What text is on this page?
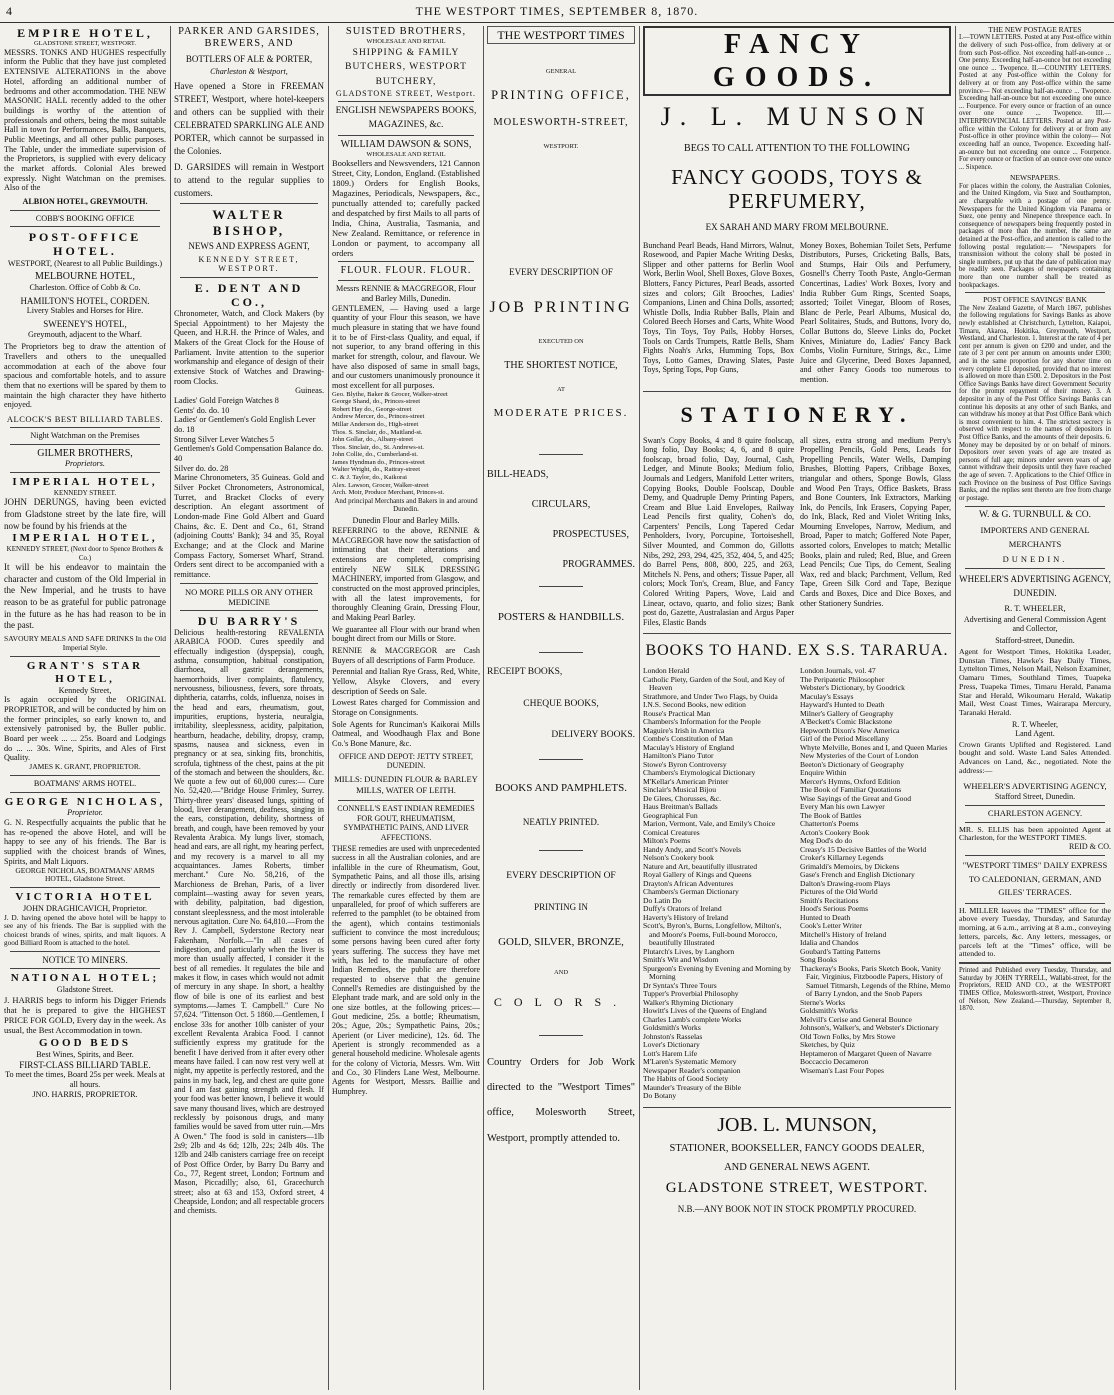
4	THE WESTPORT TIMES, SEPTEMBER 8, 1870.

EMPIRE HOTEL,

GLADSTONE STREET, WESTPORT.

MESSRS. TONKS AND HUGHES respectfully inform the Public that they have just completed EXTENSIVE ALTERATIONS in the above Hotel, affording an additional number of bedrooms and other accommodation. THE NEW MASONIC HALL recently added to the other buildings is worthy of the attention of professionals and others, being the most suitable Hall in town for Performances, Balls, Banquets, Public Meetings, and all other public purposes. The Table, under the immediate supervision of the Proprietors, is supplied with every delicacy the market affords. Colonial Ales brewed expressly. Night Watchman on the premises. Also of the

ALBION HOTEL, GREYMOUTH.

COBB'S BOOKING OFFICE

POST-OFFICE HOTEL.

WESTPORT, (Nearest to all Public Buildings.)

MELBOURNE HOTEL,

Charleston. Office of Cobb & Co.

HAMILTON'S HOTEL, CORDEN.

Livery Stables and Horses for Hire.

SWEENEY'S HOTEL,

Greymouth, adjacent to the Wharf.

The Proprietors beg to draw the attention of Travellers and others to the unequalled accommodation at each of the above four spacious and comfortable hotels, and to assure them that no exertions will be spared by them to maintain the high character they have hitherto enjoyed.

ALCOCK'S BEST BILLIARD TABLES.

Night Watchman on the Premises

GILMER BROTHERS,

Proprietors.

IMPERIAL HOTEL,

KENNEDY STREET.

JOHN DERUNGS, having been evicted from Gladstone street by the late fire, will now be found by his friends at the

IMPERIAL HOTEL,

KENNEDY STREET, (Next door to Spence Brothers & Co.)

It will be his endeavor to maintain the character and custom of the Old Imperial in the New Imperial, and he trusts to have reason to be as grateful for public patronage in the future as he has had reason to be in the past.

SAVOURY MEALS AND SAFE DRINKS In the Old Imperial Style.

GRANT'S STAR HOTEL,

Kennedy Street,

Is again occupied by the ORIGINAL PROPRIETOR, and will be conducted by him on the former principles, so early known to, and extensively patronised by, the Buller public. Board per week ... ... 25s. Board and Lodgings do ... ... 30s. Wine, Spirits, and Ales of First Quality.

JAMES K. GRANT, PROPRIETOR.

BOATMANS' ARMS HOTEL.

GEORGE NICHOLAS,

Proprietor.

G. N. Respectfully acquaints the public that he has re-opened the above Hotel, and will be happy to see any of his friends. The Bar is supplied with the choicest brands of Wines, Spirits, and Malt Liquors.

GEORGE NICHOLAS, BOATMANS' ARMS HOTEL, Gladstone Street.

VICTORIA HOTEL

JOHN DRAGHICAVICH, Proprietor.

J. D. having opened the above hotel will be happy to see any of his friends. The Bar is supplied with the choicest brands of wines, spirits, and malt liquors. A good Billiard Room is attached to the hotel.

NOTICE TO MINERS.

NATIONAL HOTEL;

Gladstone Street.

J. HARRIS begs to inform his Digger Friends that he is prepared to give the HIGHEST PRICE FOR GOLD, Every day in the week. As usual, the Best Accommodation in town.

GOOD BEDS

Best Wines, Spirits, and Beer.

FIRST-CLASS BILLIARD TABLE.

To meet the times, Board 25s per week. Meals at all hours.

JNO. HARRIS, PROPRIETOR.

PARKER AND GARSIDES, BREWERS, AND

BOTTLERS OF ALE & PORTER,

Charleston & Westport,

Have opened a Store in FREEMAN STREET, Westport, where hotel-keepers and others can be supplied with their CELEBRATED SPARKLING ALE AND PORTER, which cannot be surpassed in the Colonies.

D. GARSIDES will remain in Westport to attend to the regular supplies to customers.

WALTER BISHOP,

NEWS AND EXPRESS AGENT,

KENNEDY STREET, WESTPORT.

E. DENT AND CO.,

Chronometer, Watch, and Clock Makers (by Special Appointment) to her Majesty the Queen, and H.R.H. the Prince of Wales, and Makers of the Great Clock for the House of Parliament. Invite attention to the superior workmanship and elegance of design of their extensive Stock of Watches and Drawing-room Clocks.

Guineas.

Ladies' Gold Foreign Watches 8

Gents' do. do. 10

Ladies' or Gentlemen's Gold English Lever do. 18

Strong Silver Lever Watches 5

Gentlemen's Gold Compensation Balance do. 40

Silver do. do. 28

Marine Chronometers, 35 Guineas. Gold and Silver Pocket Chronometers, Astronomical, Turret, and Bracket Clocks of every description. An elegant assortment of London-made Fine Gold Albert and Guard Chains, &c. E. Dent and Co., 61, Strand (adjoining Coutts' Bank); 34 and 35, Royal Exchange; and at the Clock and Marine Compass Factory, Somerset Wharf, Strand. Orders sent direct to be accompanied with a remittance.

NO MORE PILLS OR ANY OTHER MEDICINE

DU BARRY'S

Delicious health-restoring REVALENTA ARABICA FOOD. Cures speedily and effectually indigestion (dyspepsia), cough, asthma, consumption, habitual constipation, diarrhoea, all gastric derangements, haemorrhoids, liver complaints, flatulency, nervousness, biliousness, fevers, sore throats, diphtheria, catarrhs, colds, influenza, noises in the head and ears, rheumatism, gout, impurities, eruptions, hysteria, neuralgia, irritability, sleeplessness, acidity, palpitation, heartburn, headache, debility, dropsy, cramp, spasms, nausea and sickness, even in pregnancy or at sea, sinking fits, bronchitis, scrofula, tightness of the chest, pains at the pit of the stomach and between the shoulders, &c. We quote a few out of 60,000 cures:— Cure No. 52,420.—"Bridge House Frimley, Surrey. Thirty-three years' diseased lungs, spitting of blood, liver derangement, deafness, singing in the ears, constipation, debility, shortness of breath, and cough, have been removed by your Revalenta Arabica. My lungs liver, stomach, head and ears, are all right, my hearing perfect, and my recovery is a marvel to all my acquaintances. James Roberts, timber merchant." Cure No. 58,216, of the Marchioness de Brehan, Paris, of a liver complaint—wasting away for seven years, with debility, palpitation, bad digestion, constant sleeplessness, and the most intolerable nervous agitation. Cure No. 64,810.—From the Rev J. Campbell, Syderstone Rectory near Fakenham, Norfolk.—"In all cases of indigestion, and particularly when the liver is more than usually affected, I consider it the best of all remedies. It regulates the bile and makes it flow, in cases which would not admit of mercury in any shape. In short, a healthy flow of bile is one of its earliest and best symptoms.—James T. Campbell." Cure No 57,624. "Tittenson Oct. 5 1860.—Gentlemen, I enclose 33s for another 10lb canister of your excellent Revalenta Arabica Food. I cannot sufficiently express my gratitude for the benefit I have derived from it after every other means have failed. I can now rest very well at night, my appetite is perfectly restored, and the pains in my back, leg, and chest are quite gone and I am fast gaining strength and flesh. If your food was better known, I believe it would save many thousand lives, which are destroyed recklessly by poisonous drugs, and many families would be saved from utter ruin.—Mrs A Owen." The food is sold in canisters—1lb 2s9; 2lb and 4s 6d; 12lb, 22s; 24lb 40s. The 12lb and 24lb canisters carriage free on receipt of Post Office Order, by Barry Du Barry and Co., 77, Regent street, London; Fortnum and Mason, Piccadilly; also, 61, Gracechurch street; also at 63 and 153, Oxford street, 4 Cheapside, London; and all respectable grocers and chemists.

SUISTED BROTHERS,

WHOLESALE AND RETAIL

SHIPPING & FAMILY BUTCHERS, WESTPORT BUTCHERY,

GLADSTONE STREET, Westport.

ENGLISH NEWSPAPERS BOOKS, MAGAZINES, &c.

WILLIAM DAWSON & SONS,

WHOLESALE AND RETAIL

Booksellers and Newsvenders, 121 Cannon Street, City, London, England. (Established 1809.) Orders for English Books, Magazines, Periodicals, Newspapers, &c., punctually attended to; carefully packed and despatched by first Mails to all parts of India, China, Australia, Tasmania, and New Zealand. Remittance, or reference in London or payment, to accompany all orders

FLOUR. FLOUR. FLOUR.

Messrs RENNIE & MACGREGOR, Flour and Barley Mills, Dunedin.

GENTLEMEN, — Having used a large quantity of your Flour this season, we have much pleasure in stating that we have found it to be of First-class Quality, and equal, if not superior, to any brand offering in this market for strength, colour, and flavour. We have also disposed of same in small bags, and our customers unanimously pronounce it most excellent for all purposes.

Geo. Blythe, Baker & Grocer, Walker-street

George Shand, do., Princes-street

Robert Hay do., George-street

Andrew Mercer, do., Princes-street

Millar Anderson do., High-street

Thos. S. Sinclair, do., Maitland-st.

John Gollar, do., Albany-street

Thos. Sinclair, do., St. Andrews-st.

John Collie, do., Cumberland-st.

James Hyndman do., Princes-street

Walter Wright, do., Rattray-street

C. & J. Taylor, do., Kaikorai

Alex. Lawson, Grocer, Walker-street

Arch. Moir, Produce Merchant, Princes-st.

And principal Merchants and Bakers in and around Dunedin.

Dunedin Flour and Barley Mills.

REFERRING to the above, RENNIE & MACGREGOR have now the satisfaction of intimating that their alterations and extensions are completed, comprising entirely NEW SILK DRESSING MACHINERY, imported from Glasgow, and constructed on the most approved principles, with all the latest improvements, for thoroughly Cleaning Grain, Dressing Flour, and Making Pearl Barley.

We guarantee all Flour with our brand when bought direct from our Mills or Store.

RENNIE & MACGREGOR are Cash Buyers of all descriptions of Farm Produce.

Perennial and Italian Rye Grass, Red, White, Yellow, Alsyke Clovers, and every description of Seeds on Sale.

Lowest Rates charged for Commission and Storage on Consignments.

Sole Agents for Runciman's Kaikorai Mills Oatmeal, and Woodhaugh Flax and Bone Co.'s Bone Manure, &c.

OFFICE AND DEPOT: JETTY STREET, DUNEDIN.

MILLS: DUNEDIN FLOUR & BARLEY MILLS, WATER OF LEITH.

CONNELL'S EAST INDIAN REMEDIES FOR GOUT, RHEUMATISM, SYMPATHETIC PAINS, AND LIVER AFFECTIONS.

THESE remedies are used with unprecedented success in all the Australian colonies, and are infallible in the cure of Rheumatism, Gout, Sympathetic Pains, and all those ills, arising directly or indirectly from disordered liver. The remarkable cures effected by them are unparalleled, for proof of which sufferers are referred to the pamphlet (to be obtained from the agent), which contains testimonials sufficient to convince the most incredulous; some persons having been cured after forty years suffering. The success they have met with, has led to the manufacture of other Indian Remedies, the public are therefore requested to observe that the genuine Connell's Remedies are distinguished by the Elephant trade mark, and are sold only in the one size bottles, at the following prices:—Gout medicine, 25s. a bottle; Rheumatism, 20s.; Ague, 20s.; Sympathetic Pains, 20s.; Aperient (or Liver medicine), 12s. 6d. The Aperient is strongly recommended as a general household medicine. Wholesale agents for the colony of Victoria, Messrs. Wm. Witt and Co., 30 Flinders Lane West, Melbourne. Agents for Westport, Messrs. Baillie and Humphrey.

THE WESTPORT TIMES

GENERAL

PRINTING OFFICE,

MOLESWORTH-STREET,

WESTPORT.

EVERY DESCRIPTION OF

JOB PRINTING

EXECUTED ON

THE SHORTEST NOTICE,

AT

MODERATE PRICES.

BILL-HEADS,

CIRCULARS,

PROSPECTUSES,

PROGRAMMES.

POSTERS & HANDBILLS.

RECEIPT BOOKS,

CHEQUE BOOKS,

DELIVERY BOOKS.

BOOKS AND PAMPHLETS.

NEATLY PRINTED.

EVERY DESCRIPTION OF

PRINTING IN

GOLD, SILVER, BRONZE,

AND

COLORS.

Country Orders for Job Work directed to the "Westport Times" office, Molesworth Street, Westport, promptly attended to.

FANCY GOODS.

J. L. MUNSON

BEGS TO CALL ATTENTION TO THE FOLLOWING

FANCY GOODS, TOYS & PERFUMERY,

EX SARAH AND MARY FROM MELBOURNE.

Bunchand Pearl Beads, Hand Mirrors, Walnut, Rosewood, and Papier Mache Writing Desks, Slipper and other patterns for Berlin Wool Work, Berlin Wool, Shell Boxes, Glove Boxes, Blotters, Fancy Pictures, Pearl Beads, assorted sizes and colors; Gilt Brooches, Ladies' Companions, Linen and China Dolls, assorted; Whistle Dolls, India Rubber Balls, Plain and Colored Beech Horses and Carts, White Wood Toys, Tin Toys, Toy Pails, Hobby Horses, Tools on Cards Trumpets, Rattle Bells, Sham Fights Noah's Arks, Humming Tops, Box Toys, Lotto Games, Drawing Slates, Paste Toys, Spring Tops, Pop Guns,
Money Boxes, Bohemian Toilet Sets, Perfume Distributors, Purses, Cricketing Balls, Bats, and Stumps, Hair Oils and Perfumery, Gosnell's Cherry Tooth Paste, Anglo-German Concertinas, Ladies' Work Boxes, Ivory and India Rubber Gum Rings, Scented Soaps, assorted; Toilet Vinegar, Bloom of Roses, Blanc de Perle, Pearl Albums, Musical do, Pearl Solitaires, Studs, and Buttons, Ivory do, Collar Buttons do, Sleeve Links do, Pocket Knives, Miniature do, Ladies' Fancy Back Combs, Violin Furniture, Strings, &c., Lime Juice and Glycerine, Deed Boxes Japanned, and other Fancy Goods too numerous to mention.

STATIONERY.

Swan's Copy Books, 4 and 8 quire foolscap, long folio, Day Books; 4, 6, and 8 quire foolscap, broad folio, Day, Journal, Cash, Ledger, and Minute Books; Medium folio, Journals and Ledgers, Manifold Letter writers, Copying Books, Double Foolscap, Double Demy, and Quadruple Demy Printing Papers, Cream and Blue Laid Envelopes, Railway Lead Pencils first quality, Cohen's do, Carpenters' Pencils, Long Tapered Cedar Penholders, Ivory, Porcupine, Tortoiseshell, Silver Mounted, and Common do, Gillotts Nibs, 292, 293, 294, 425, 352, 404, 5, and 425; do Barrel Pens, 808, 800, 225, and 263, Mitchels N. Pens, and others; Tissue Paper, all colors; Mock Ton's, Cream, Blue, and Fancy Colored Writing Papers, Wove, Laid and Linear, octavo, quarto, and folio sizes; Bank post do, Gazette, Australasian and Argus Paper Files, Elastic Bands
all sizes, extra strong and medium Perry's Propelling Pencils, Gold Pens, Leads for Propelling Pencils, Water Wells, Damping Brushes, Blotting Papers, Cribbage Boxes, triangular and others, Sponge Bowls, Glass and Wood Pen Trays, Office Baskets, Brass and Bone Counters, Ink Extractors, Marking Ink, do Pencils, Ink Erasers, Copying Paper, do Ink, Black, Red and Violet Writing Inks, Mourning Envelopes, Narrow, Medium, and Broad, Paper to match; Goffered Note Paper, assorted colors, Envelopes to match; Metallic Books, plain and ruled; Red, Blue, and Green Lead Pencils; Cue Tips, do Cement, Sealing Wax, red and black; Parchment, Vellum, Red Tape, Green Silk Cord and Tape, Bezique Cards and Boxes, Dice and Dice Boxes, and other Stationery Sundries.

BOOKS TO HAND. EX S.S. TARARUA.

London Herald

Catholic Piety, Garden of the Soul, and Key of Heaven

Strathmore, and Under Two Flags, by Ouida

I.N.S. Second Books, new edition

Rouse's Practical Man

Chambers's Information for the People

Maguire's Irish in America

Combe's Constitution of Man

Maculay's History of England

Hamilton's Piano Tutor

Stowe's Byron Controversy

Chambers's Etymological Dictionary

M'Kellar's American Printer

Sinclair's Musical Bijou

De Glees, Chorusses, &c.

Haus Breitman's Ballads

Geographical Fun

Marion, Vermont, Vale, and Emily's Choice

Comical Creatures

Milton's Poems

Handy Andy, and Scott's Novels

Nelson's Cookery book

Nature and Art, beautifully illustrated

Royal Gallery of Kings and Queens

Drayton's African Adventures

Chambers's German Dictionary

Do Latin Do

Duffy's Orators of Ireland

Haverty's History of Ireland

Scott's, Byron's, Burns, Longfellow, Milton's, and Moore's Poems, Full-bound Morocco, beautifully Illustrated

Plutarch's Lives, by Langhorn

Smith's Wit and Wisdom

Spurgeon's Evening by Evening and Morning by Morning

Dr Syntax's Three Tours

Tupper's Proverbial Philosophy

Walker's Rhyming Dictionary

Howitt's Lives of the Queens of England

Charles Lamb's complete Works

Goldsmith's Works

Johnston's Rasselas

Lover's Dictionary

Lott's Harem Life

M'Laren's Systematic Memory

Newspaper Reader's companion

The Habits of Good Society

Maunder's Treasury of the Bible

Do Botany

London Journals, vol. 47

The Peripatetic Philosopher

Webster's Dictionary, by Goodrick

Maculay's Essays

Hayward's Hunted to Death

Milner's Gallery of Geography

A'Beckett's Comic Blackstone

Hepworth Dixon's New America

Girl of the Period Miscellany

Whyte Melville, Bones and I, and Queen Maries

New Mysteries of the Court of London

Beeton's Dictionary of Geography

Enquire Within

Mercer's Hymns, Oxford Edition

The Book of Familiar Quotations

Wise Sayings of the Great and Good

Every Man his own Lawyer

The Book of Battles

Chatterton's Poems

Acton's Cookery Book

Meg Dod's do do

Creasy's 15 Decisive Battles of the World

Croker's Killarney Legends

Grimaldi's Memoirs, by Dickens

Gase's French and English Dictionary

Dalton's Drawing-room Plays

Pictures of the Old World

Smith's Recitations

Hood's Serious Poems

Hunted to Death

Cook's Letter Writer

Mitchell's History of Ireland

Idalia and Chandos

Goubard's Tatting Patterns

Song Books

Thackeray's Books, Paris Sketch Book, Vanity Fair, Virginius, Fitzboodle Papers, History of Samuel Titmarsh, Legends of the Rhine, Memo of Barry Lyndon, and the Snob Papers

Sterne's Works

Goldsmith's Works

Melvill's Cerise and General Bounce

Johnson's, Walker's, and Webster's Dictionary

Old Town Folks, by Mrs Stowe

Sketches, by Quiz

Heptameron of Margaret Queen of Navarre

Boccaccio Decameron

Wiseman's Last Four Popes

JOB. L. MUNSON,

STATIONER, BOOKSELLER, FANCY GOODS DEALER,

AND GENERAL NEWS AGENT.

GLADSTONE STREET, WESTPORT.

N.B.—ANY BOOK NOT IN STOCK PROMPTLY PROCURED.

THE NEW POSTAGE RATES

I.—TOWN LETTERS. Posted at any Post-office within the delivery of such Post-office, from delivery at or from such Post-office. Not exceeding half-an-ounce ... One penny. Exceeding half-an-ounce but not exceeding one ounce ... Twopence. II.—COUNTRY LETTERS. Posted at any Post-office within the Colony for delivery at or from any Post-office within the same province— Not exceeding half-an-ounce ... Twopence. Exceeding half-an-ounce but not exceeding one ounce ... Fourpence. For every ounce or fraction of an ounce over one ounce ... Twopence. III.—INTERPROVINCIAL LETTERS. Posted at any Post-office within the Colony for delivery at or from any Post-office in other province within the colony— Not exceeding half an ounce, Twopence. Exceeding half-an-ounce but not exceeding one ounce ... Fourpence. For every ounce or fraction of an ounce over one ounce ... Sixpence.

NEWSPAPERS.

For places within the colony, the Australian Colonies, and the United Kingdom, via Suez and Southampton, are chargeable with a postage of one penny. Newspapers for the United Kingdom via Panama or Suez, one penny and Ninepence threepence each. In consequence of newspapers being frequently posted in packages of more than the number, the same are detained at the Post-office, and attention is called to the following postal regulation:— "Newspapers for transmission without the colony shall be posted in single numbers, put up that the date of publication may be readily seen. Packages of newspapers containing more than one number shall be treated as bookpackages.

POST OFFICE SAVINGS' BANK

The New Zealand Gazette, of March 1867, publishes the following regulations for Savings Banks as above newly established at Christchurch, Lyttelton, Kaiapoi, Timaru, Akaroa, Hokitika, Greymouth, Westport, Westland, and Charleston. 1. Interest at the rate of 4 per cent per annum is given on £200 and under, and the rate of 3 per cent per annum on amounts under £300; and in the same proportion for any shorter time on every complete £1 deposited, provided that no interest is allowed on more than £500. 2. Depositors in the Post Office Savings Banks have direct Government Security for the prompt repayment of their money. 3. A depositor in any of the Post Office Savings Banks can continue his deposits at any other of such Banks, and can withdraw his money at that Post Office Bank which is most convenient to him. 4. The strictest secrecy is observed with respect to the names of depositors in Post Office Banks, and the amounts of their deposits. 6. Money may be deposited by or on behalf of minors. Depositors over seven years of age are treated as persons of full age; minors under seven years of age cannot withdraw their deposits until they have reached the age of seven. 7. Applications to the Chief Office in each Province on the business of Post Office Savings Banks, and the replies sent thereto are free from charge or postage.

W. & G. TURNBULL & CO.

IMPORTERS AND GENERAL MERCHANTS

DUNEDIN.

WHEELER'S ADVERTISING AGENCY, DUNEDIN.

R. T. WHEELER,

Advertising and General Commission Agent and Collector,

Stafford-street, Dunedin.

Agent for Westport Times, Hokitika Leader, Dunstan Times, Hawke's Bay Daily Times, Lyttelton Times, Nelson Mail, Nelson Examiner, Oamaru Times, Southland Times, Tuapeka Press, Tuapeka Times, Timaru Herald, Panama Star and Herald, Wikoumaru Herald, Wakatip Mail, West Coast Times, Wairarapa Mercury, Taranaki Herald.

R. T. Wheeler,

Land Agent.

Crown Grants Uplifted and Registered. Land bought and sold. Waste Land Sales Attended. Advances on Land, &c., negotiated. Note the address:—

WHEELER'S ADVERTISING AGENCY,

Stafford Street, Dunedin.

CHARLESTON AGENCY.

MR. S. ELLIS has been appointed Agent at Charleston, for the WESTPORT TIMES.

REID & CO.

"WESTPORT TIMES" DAILY EXPRESS TO CALEDONIAN, GERMAN, AND GILES' TERRACES.

H. MILLER leaves the "TIMES" office for the above every Tuesday, Thursday, and Saturday morning, at 6 a.m., arriving at 8 a.m., conveying letters, parcels, &c. Any letters, messages, or parcels left at the "Times" office, will be attended to.

Printed and Published every Tuesday, Thursday, and Saturday by JOHN TYRRELL, Wallabi-street, for the Proprietors, REID AND CO., at the WESTPORT TIMES Office, Molesworth-street, Westport, Province of Nelson, New Zealand.—Thursday, September 8, 1870.
